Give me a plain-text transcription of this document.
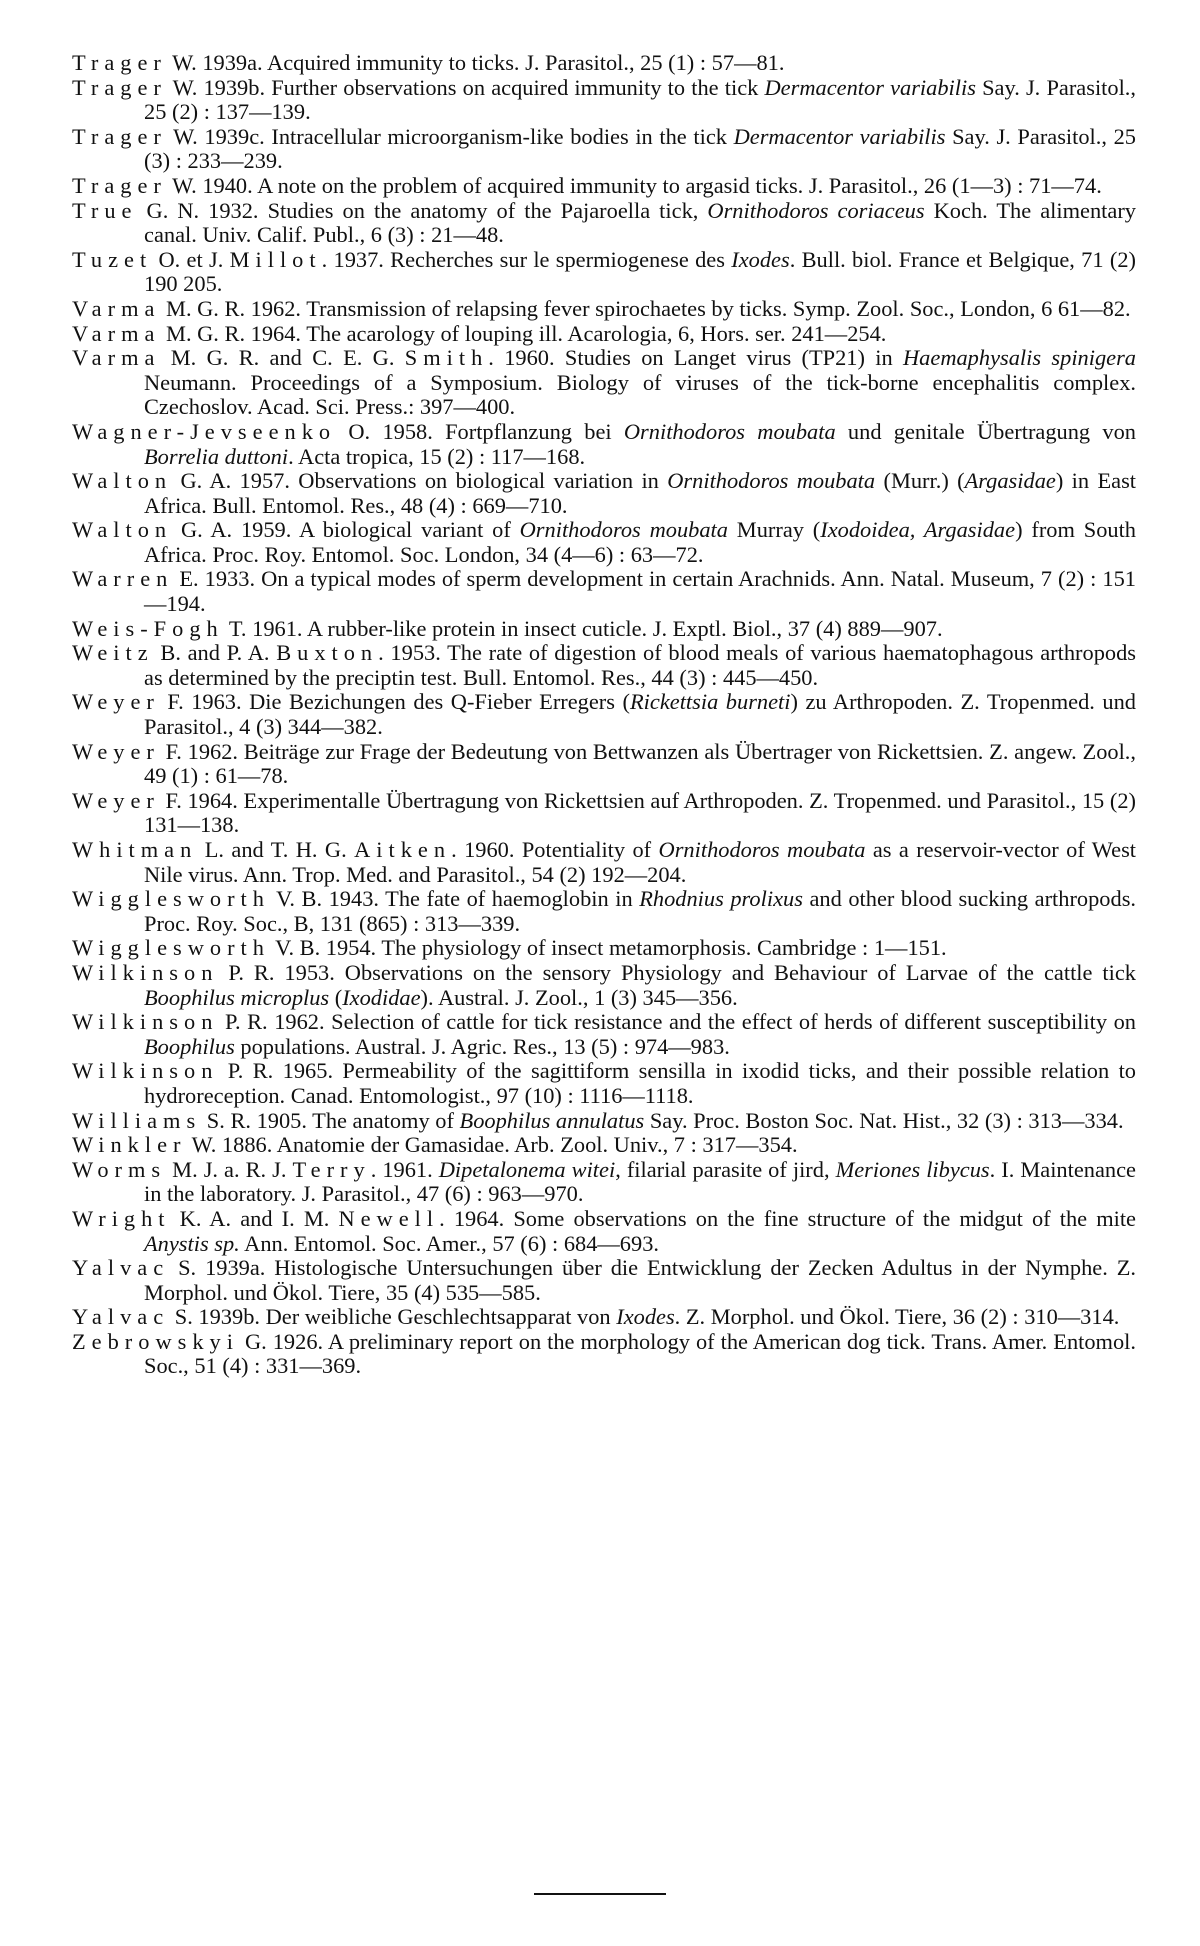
Trager W. 1939a. Acquired immunity to ticks. J. Parasitol., 25 (1) : 57—81.
Trager W. 1939b. Further observations on acquired immunity to the tick Dermacentor variabilis Say. J. Parasitol., 25 (2) : 137—139.
Trager W. 1939c. Intracellular microorganism-like bodies in the tick Dermacentor variabilis Say. J. Parasitol., 25 (3) : 233—239.
Trager W. 1940. A note on the problem of acquired immunity to argasid ticks. J. Parasitol., 26 (1—3) : 71—74.
True G. N. 1932. Studies on the anatomy of the Pajaroella tick, Ornithodoros coriaceus Koch. The alimentary canal. Univ. Calif. Publ., 6 (3) : 21—48.
Tuzet O. et J. Millot. 1937. Recherches sur le spermiogenese des Ixodes. Bull. biol. France et Belgique, 71 (2) 190 205.
Varma M. G. R. 1962. Transmission of relapsing fever spirochaetes by ticks. Symp. Zool. Soc., London, 6 61—82.
Varma M. G. R. 1964. The acarology of louping ill. Acarologia, 6, Hors. ser. 241—254.
Varma M. G. R. and C. E. G. Smith. 1960. Studies on Langet virus (TP21) in Haemaphysalis spinigera Neumann. Proceedings of a Symposium. Biology of viruses of the tick-borne encephalitis complex. Czechoslov. Acad. Sci. Press.: 397—400.
Wagner-Jevseenko O. 1958. Fortpflanzung bei Ornithodoros moubata und genitale Übertragung von Borrelia duttoni. Acta tropica, 15 (2) : 117—168.
Walton G. A. 1957. Observations on biological variation in Ornithodoros moubata (Murr.) (Argasidae) in East Africa. Bull. Entomol. Res., 48 (4) : 669—710.
Walton G. A. 1959. A biological variant of Ornithodoros moubata Murray (Ixodoidea, Argasidae) from South Africa. Proc. Roy. Entomol. Soc. London, 34 (4—6) : 63—72.
Warren E. 1933. On a typical modes of sperm development in certain Arachnids. Ann. Natal. Museum, 7 (2) : 151—194.
Weis-Fogh T. 1961. A rubber-like protein in insect cuticle. J. Exptl. Biol., 37 (4) 889—907.
Weitz B. and P. A. Buxton. 1953. The rate of digestion of blood meals of various haematophagous arthropods as determined by the preciptin test. Bull. Entomol. Res., 44 (3) : 445—450.
Weyer F. 1963. Die Bezichungen des Q-Fieber Erregers (Rickettsia burneti) zu Arthropoden. Z. Tropenmed. und Parasitol., 4 (3) 344—382.
Weyer F. 1962. Beiträge zur Frage der Bedeutung von Bettwanzen als Übertrager von Rickettsien. Z. angew. Zool., 49 (1) : 61—78.
Weyer F. 1964. Experimentalle Übertragung von Rickettsien auf Arthropoden. Z. Tropenmed. und Parasitol., 15 (2) 131—138.
Whitman L. and T. H. G. Aitken. 1960. Potentiality of Ornithodoros moubata as a reservoir-vector of West Nile virus. Ann. Trop. Med. and Parasitol., 54 (2) 192—204.
Wigglesworth V. B. 1943. The fate of haemoglobin in Rhodnius prolixus and other blood sucking arthropods. Proc. Roy. Soc., B, 131 (865) : 313—339.
Wigglesworth V. B. 1954. The physiology of insect metamorphosis. Cambridge : 1—151.
Wilkinson P. R. 1953. Observations on the sensory Physiology and Behaviour of Larvae of the cattle tick Boophilus microplus (Ixodidae). Austral. J. Zool., 1 (3) 345—356.
Wilkinson P. R. 1962. Selection of cattle for tick resistance and the effect of herds of different susceptibility on Boophilus populations. Austral. J. Agric. Res., 13 (5) : 974—983.
Wilkinson P. R. 1965. Permeability of the sagittiform sensilla in ixodid ticks, and their possible relation to hydroreception. Canad. Entomologist., 97 (10) : 1116—1118.
Williams S. R. 1905. The anatomy of Boophilus annulatus Say. Proc. Boston Soc. Nat. Hist., 32 (3) : 313—334.
Winkler W. 1886. Anatomie der Gamasidae. Arb. Zool. Univ., 7 : 317—354.
Worms M. J. a. R. J. Terry. 1961. Dipetalonema witei, filarial parasite of jird, Meriones libycus. I. Maintenance in the laboratory. J. Parasitol., 47 (6) : 963—970.
Wright K. A. and I. M. Newell. 1964. Some observations on the fine structure of the midgut of the mite Anystis sp. Ann. Entomol. Soc. Amer., 57 (6) : 684—693.
Yalvac S. 1939a. Histologische Untersuchungen über die Entwicklung der Zecken Adultus in der Nymphe. Z. Morphol. und Ökol. Tiere, 35 (4) 535—585.
Yalvac S. 1939b. Der weibliche Geschlechtsapparat von Ixodes. Z. Morphol. und Ökol. Tiere, 36 (2) : 310—314.
Zebrowskyi G. 1926. A preliminary report on the morphology of the American dog tick. Trans. Amer. Entomol. Soc., 51 (4) : 331—369.
